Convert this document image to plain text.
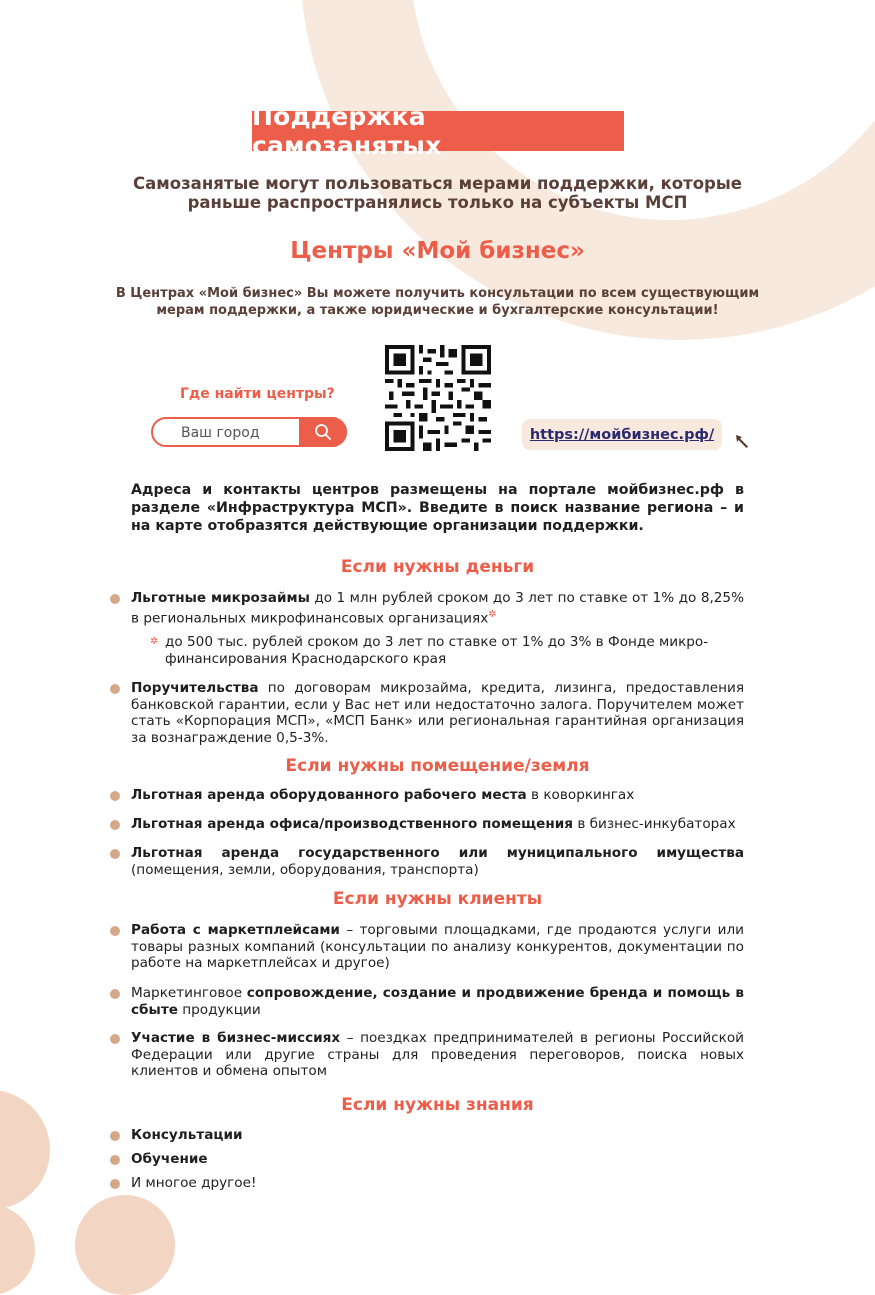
Поддержка самозанятых
Самозанятые могут пользоваться мерами поддержки, которые
раньше распространялись только на субъекты МСП
Центры «Мой бизнес»
В Центрах «Мой бизнес» Вы можете получить консультации по всем существующим
мерам поддержки, а также юридические и бухгалтерские консультации!
Где найти центры?
Ваш город
https://мойбизнес.рф/
Адреса и контакты центров размещены на портале мойбизнес.рф в разделе «Инфраструктура МСП». Введите в поиск название региона – и на карте отобразятся действующие организации поддержки.
Если нужны деньги
Льготные микрозаймы до 1 млн рублей сроком до 3 лет по ставке от 1% до 8,25% в региональных микрофинансовых организациях✲
✲ до 500 тыс. рублей сроком до 3 лет по ставке от 1% до 3% в Фонде микро-финансирования Краснодарского края
Поручительства по договорам микрозайма, кредита, лизинга, предоставления банковской гарантии, если у Вас нет или недостаточно залога. Поручителем может стать «Корпорация МСП», «МСП Банк» или региональная гарантийная организация за вознаграждение 0,5-3%.
Если нужны помещение/земля
Льготная аренда оборудованного рабочего места в коворкингах
Льготная аренда офиса/производственного помещения в бизнес-инкубаторах
Льготная аренда государственного или муниципального имущества (помещения, земли, оборудования, транспорта)
Если нужны клиенты
Работа с маркетплейсами – торговыми площадками, где продаются услуги или товары разных компаний (консультации по анализу конкурентов, документации по работе на маркетплейсах и другое)
Маркетинговое сопровождение, создание и продвижение бренда и помощь в сбыте продукции
Участие в бизнес-миссиях – поездках предпринимателей в регионы Российской Федерации или другие страны для проведения переговоров, поиска новых клиентов и обмена опытом
Если нужны знания
Консультации
Обучение
И многое другое!
